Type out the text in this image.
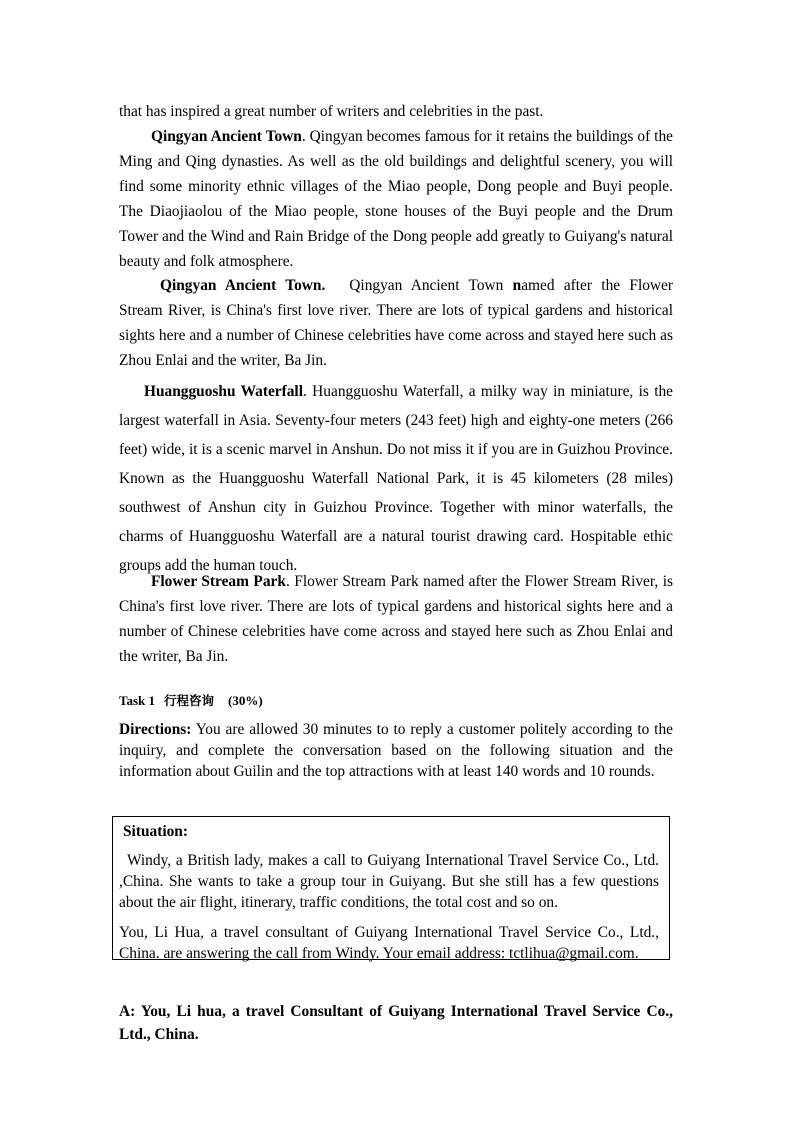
that has inspired a great number of writers and celebrities in the past.

Qingyan Ancient Town. Qingyan becomes famous for it retains the buildings of the Ming and Qing dynasties. As well as the old buildings and delightful scenery, you will find some minority ethnic villages of the Miao people, Dong people and Buyi people. The Diaojiaolou of the Miao people, stone houses of the Buyi people and the Drum Tower and the Wind and Rain Bridge of the Dong people add greatly to Guiyang's natural beauty and folk atmosphere.

Qingyan Ancient Town. Qingyan Ancient Town named after the Flower Stream River, is China's first love river. There are lots of typical gardens and historical sights here and a number of Chinese celebrities have come across and stayed here such as Zhou Enlai and the writer, Ba Jin.

Huangguoshu Waterfall. Huangguoshu Waterfall, a milky way in miniature, is the largest waterfall in Asia. Seventy-four meters (243 feet) high and eighty-one meters (266 feet) wide, it is a scenic marvel in Anshun. Do not miss it if you are in Guizhou Province. Known as the Huangguoshu Waterfall National Park, it is 45 kilometers (28 miles) southwest of Anshun city in Guizhou Province. Together with minor waterfalls, the charms of Huangguoshu Waterfall are a natural tourist drawing card. Hospitable ethic groups add the human touch.

Flower Stream Park. Flower Stream Park named after the Flower Stream River, is China's first love river. There are lots of typical gardens and historical sights here and a number of Chinese celebrities have come across and stayed here such as Zhou Enlai and the writer, Ba Jin.

Task 1 行程咨询 (30%)

Directions: You are allowed 30 minutes to to reply a customer politely according to the inquiry, and complete the conversation based on the following situation and the information about Guilin and the top attractions with at least 140 words and 10 rounds.

Situation:
Windy, a British lady, makes a call to Guiyang International Travel Service Co., Ltd. ,China. She wants to take a group tour in Guiyang. But she still has a few questions about the air flight, itinerary, traffic conditions, the total cost and so on.
You, Li Hua, a travel consultant of Guiyang International Travel Service Co., Ltd., China. are answering the call from Windy. Your email address: tctlihua@gmail.com.

A: You, Li hua, a travel Consultant of Guiyang International Travel Service Co., Ltd., China.
